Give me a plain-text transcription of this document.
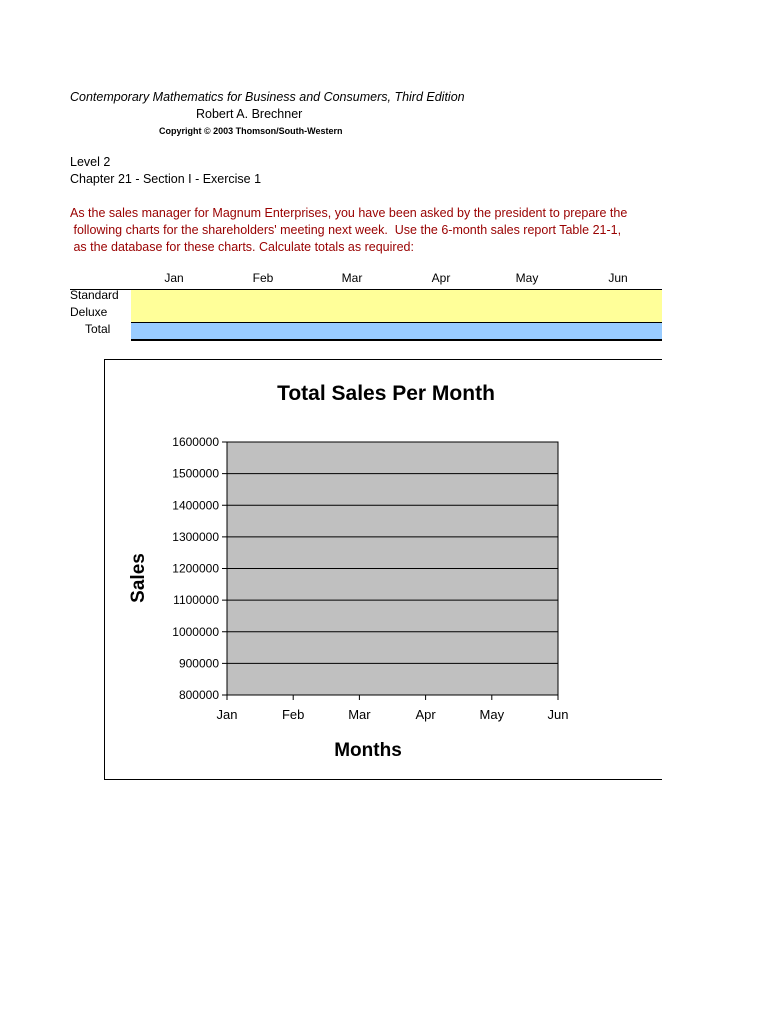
Contemporary Mathematics for Business and Consumers, Third Edition
Robert A. Brechner
Copyright © 2003 Thomson/South-Western
Level 2
Chapter 21 - Section I - Exercise 1
As the sales manager for Magnum Enterprises, you have been asked by the president to prepare the
following charts for the shareholders' meeting next week.  Use the 6-month sales report Table 21-1,
as the database for these charts. Calculate totals as required:
Jan	Feb	Mar	Apr	May	Jun
Standard
Deluxe
Total
Total Sales Per Month
1600000
1500000
1400000
1300000
1200000
1100000
1000000
900000
800000
Jan	Feb	Mar	Apr	May	Jun
Sales
Months
